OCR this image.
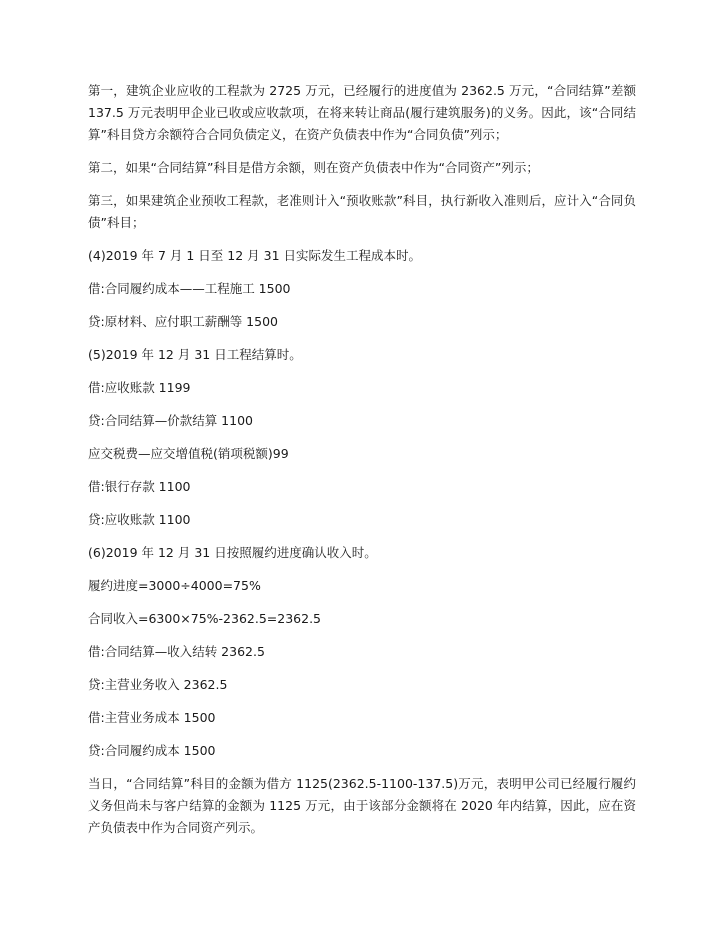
第一，建筑企业应收的工程款为 2725 万元，已经履行的进度值为 2362.5 万元，“合同结算”差额 137.5 万元表明甲企业已收或应收款项，在将来转让商品(履行建筑服务)的义务。因此，该“合同结算”科目贷方余额符合合同负债定义，在资产负债表中作为“合同负债”列示；

第二，如果“合同结算”科目是借方余额，则在资产负债表中作为“合同资产”列示；

第三，如果建筑企业预收工程款，老准则计入“预收账款”科目，执行新收入准则后，应计入“合同负债”科目；

(4)2019 年 7 月 1 日至 12 月 31 日实际发生工程成本时。

借:合同履约成本——工程施工 1500

贷:原材料、应付职工薪酬等 1500

(5)2019 年 12 月 31 日工程结算时。

借:应收账款 1199

贷:合同结算—价款结算 1100

应交税费—应交增值税(销项税额)99

借:银行存款 1100

贷:应收账款 1100

(6)2019 年 12 月 31 日按照履约进度确认收入时。

履约进度=3000÷4000=75%

合同收入=6300×75%-2362.5=2362.5

借:合同结算—收入结转 2362.5

贷:主营业务收入 2362.5

借:主营业务成本 1500

贷:合同履约成本 1500

当日，“合同结算”科目的金额为借方 1125(2362.5-1100-137.5)万元，表明甲公司已经履行履约义务但尚未与客户结算的金额为 1125 万元，由于该部分金额将在 2020 年内结算，因此，应在资产负债表中作为合同资产列示。
